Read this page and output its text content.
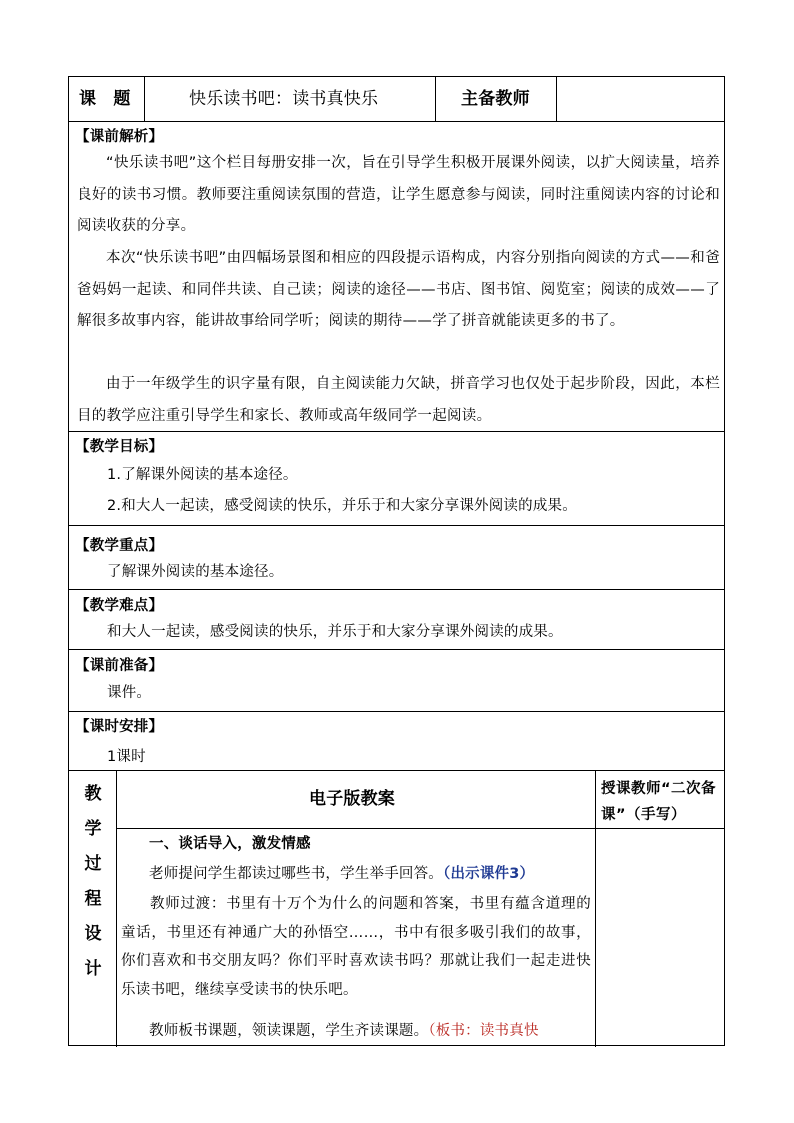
课　题	快乐读书吧：读书真快乐	主备教师
【课前解析】
“快乐读书吧”这个栏目每册安排一次，旨在引导学生积极开展课外阅读，以扩大阅读量，培养良好的读书习惯。教师要注重阅读氛围的营造，让学生愿意参与阅读，同时注重阅读内容的讨论和阅读收获的分享。
本次“快乐读书吧”由四幅场景图和相应的四段提示语构成，内容分别指向阅读的方式——和爸爸妈妈一起读、和同伴共读、自己读；阅读的途径——书店、图书馆、阅览室；阅读的成效——了解很多故事内容，能讲故事给同学听；阅读的期待——学了拼音就能读更多的书了。
由于一年级学生的识字量有限，自主阅读能力欠缺，拼音学习也仅处于起步阶段，因此，本栏目的教学应注重引导学生和家长、教师或高年级同学一起阅读。
【教学目标】
1.了解课外阅读的基本途径。
2.和大人一起读，感受阅读的快乐，并乐于和大家分享课外阅读的成果。
【教学重点】
了解课外阅读的基本途径。
【教学难点】
和大人一起读，感受阅读的快乐，并乐于和大家分享课外阅读的成果。
【课前准备】
课件。
【课时安排】
1课时
教
学
过
程
设
计
电子版教案	授课教师“二次备课”（手写）
一、谈话导入，激发情感
老师提问学生都读过哪些书，学生举手回答。（出示课件3）
教师过渡：书里有十万个为什么的问题和答案，书里有蕴含道理的童话，书里还有神通广大的孙悟空……，书中有很多吸引我们的故事，你们喜欢和书交朋友吗？你们平时喜欢读书吗？那就让我们一起走进快乐读书吧，继续享受读书的快乐吧。
教师板书课题，领读课题，学生齐读课题。（板书：读书真快
